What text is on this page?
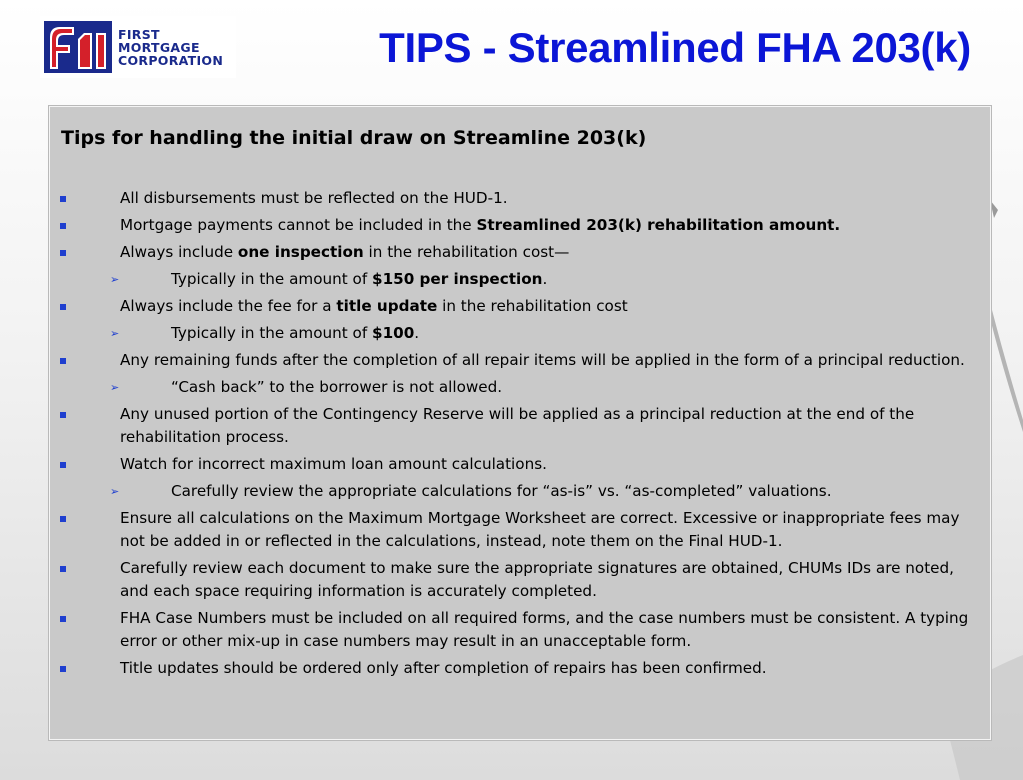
FIRST
MORTGAGE
CORPORATION	TIPS - Streamlined FHA 203(k)
Tips for handling the initial draw on Streamline 203(k)
All disbursements must be reflected on the HUD-1.
Mortgage payments cannot be included in the Streamlined 203(k) rehabilitation amount.
Always include one inspection in the rehabilitation cost—
➢	Typically in the amount of $150 per inspection.
Always include the fee for a title update in the rehabilitation cost
➢	Typically in the amount of $100.
Any remaining funds after the completion of all repair items will be applied in the form of a principal reduction.
➢	“Cash back” to the borrower is not allowed.
Any unused portion of the Contingency Reserve will be applied as a principal reduction at the end of the rehabilitation process.
Watch for incorrect maximum loan amount calculations.
➢	Carefully review the appropriate calculations for “as-is” vs. “as-completed” valuations.
Ensure all calculations on the Maximum Mortgage Worksheet are correct. Excessive or inappropriate fees may not be added in or reflected in the calculations, instead, note them on the Final HUD-1.
Carefully review each document to make sure the appropriate signatures are obtained, CHUMs IDs are noted, and each space requiring information is accurately completed.
FHA Case Numbers must be included on all required forms, and the case numbers must be consistent. A typing error or other mix-up in case numbers may result in an unacceptable form.
Title updates should be ordered only after completion of repairs has been confirmed.
